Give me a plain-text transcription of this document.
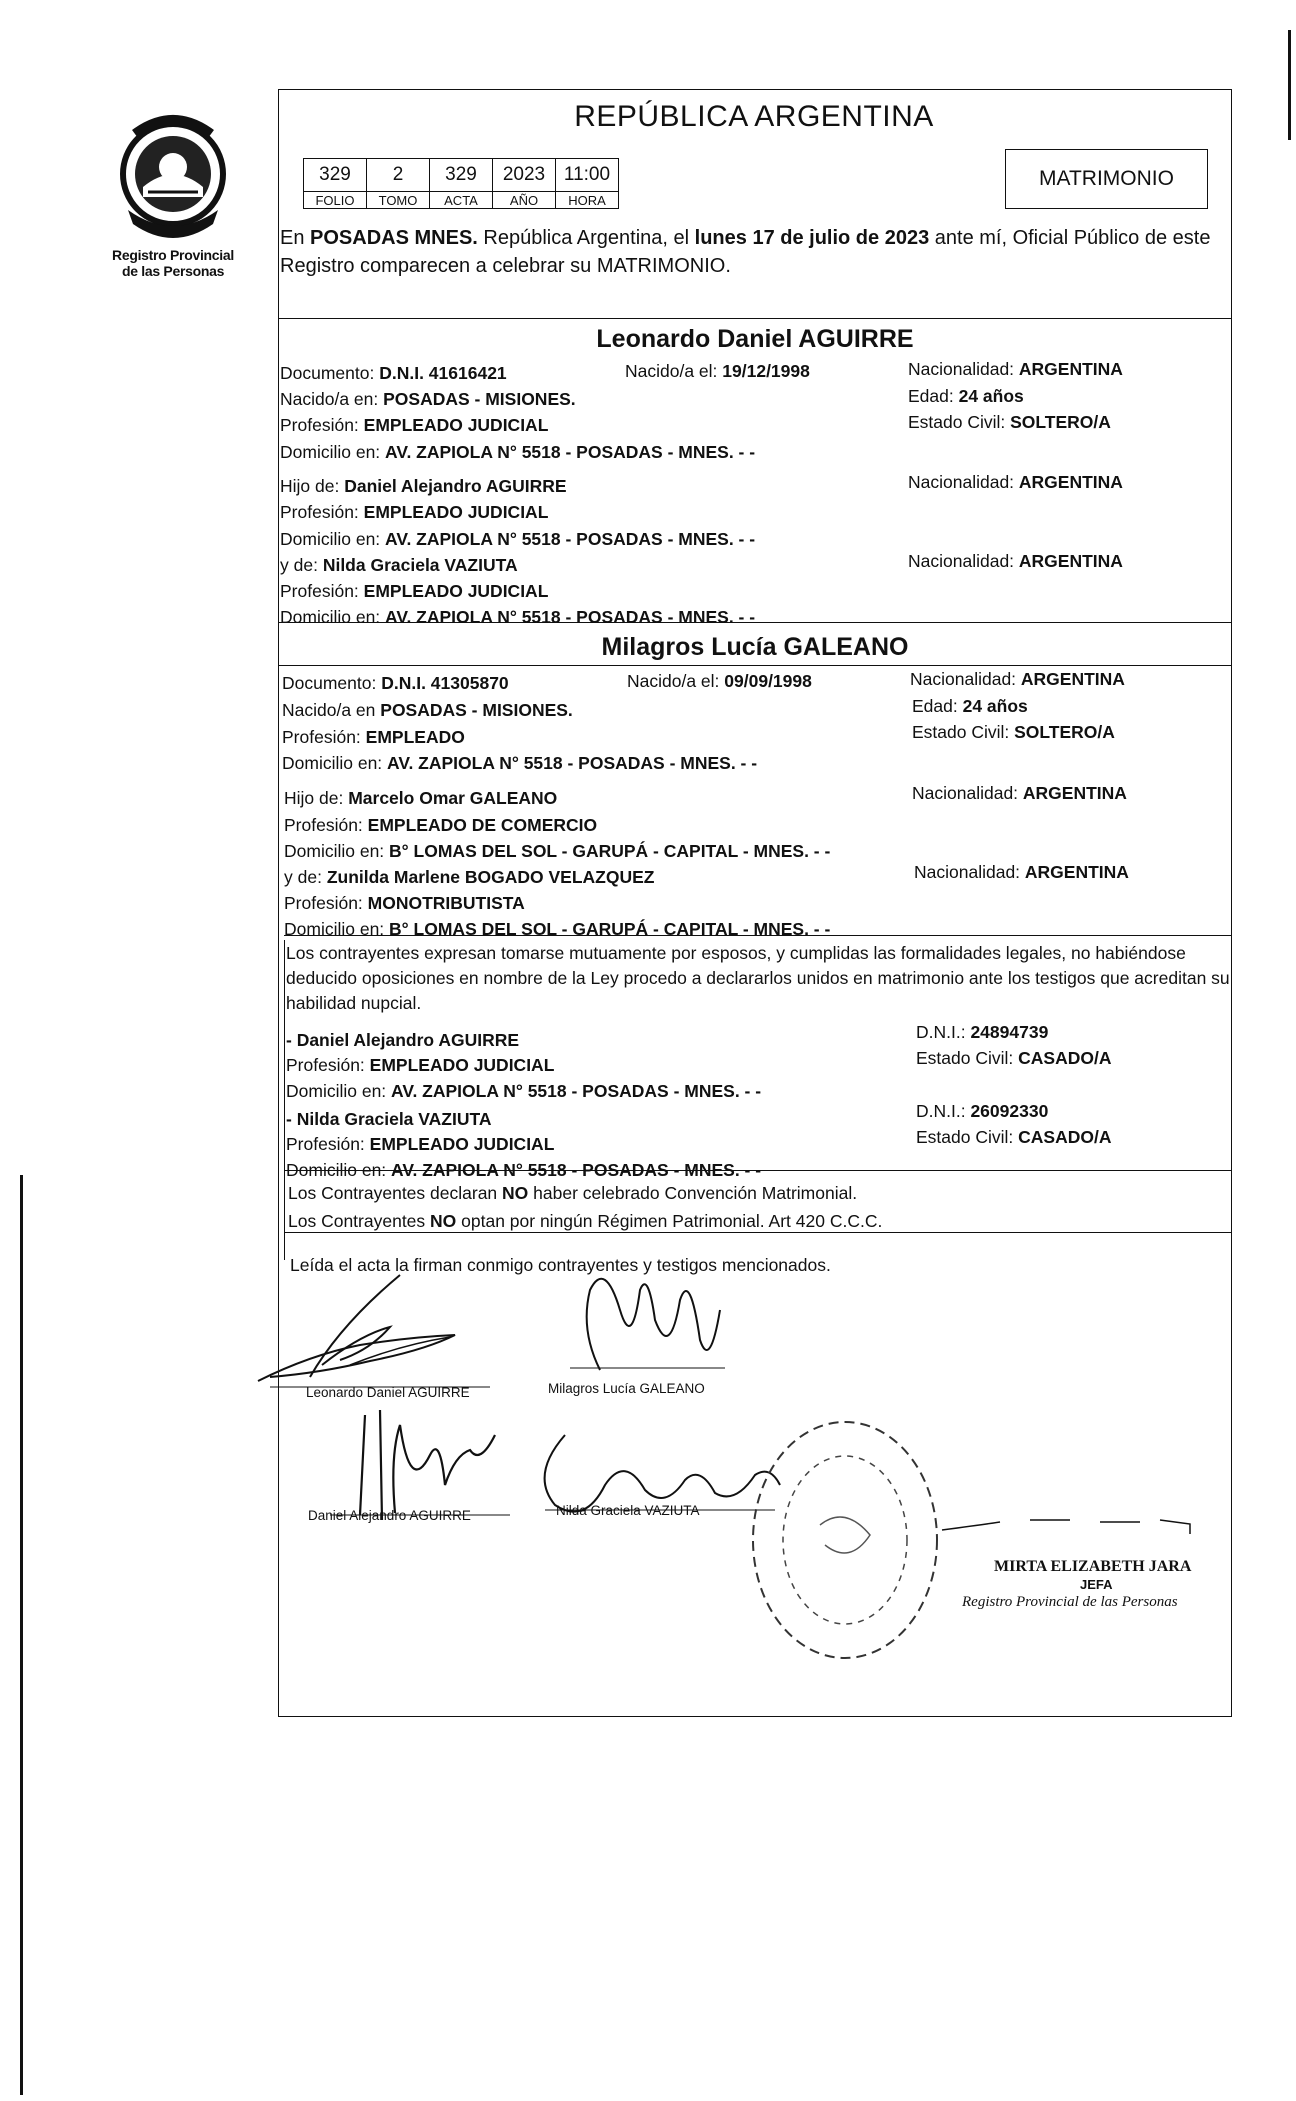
Registro Provincial
de las Personas
REPÚBLICA ARGENTINA
329	2	329	2023	11:00
FOLIO	TOMO	ACTA	AÑO	HORA
MATRIMONIO
En POSADAS MNES. República Argentina, el lunes 17 de julio de 2023 ante mí, Oficial Público de este Registro comparecen a celebrar su MATRIMONIO.
Leonardo Daniel AGUIRRE
Documento: D.N.I. 41616421	Nacido/a el: 19/12/1998	Nacionalidad: ARGENTINA
Nacido/a en: POSADAS - MISIONES.	Edad: 24 años
Profesión: EMPLEADO JUDICIAL	Estado Civil: SOLTERO/A
Domicilio en: AV. ZAPIOLA N° 5518 - POSADAS - MNES. - -
Hijo de: Daniel Alejandro AGUIRRE	Nacionalidad: ARGENTINA
Profesión: EMPLEADO JUDICIAL
Domicilio en: AV. ZAPIOLA N° 5518 - POSADAS - MNES. - -
y de: Nilda Graciela VAZIUTA	Nacionalidad: ARGENTINA
Profesión: EMPLEADO JUDICIAL
Domicilio en: AV. ZAPIOLA N° 5518 - POSADAS - MNES. - -
Milagros Lucía GALEANO
Documento: D.N.I. 41305870	Nacido/a el: 09/09/1998	Nacionalidad: ARGENTINA
Nacido/a en POSADAS - MISIONES.	Edad: 24 años
Profesión: EMPLEADO	Estado Civil: SOLTERO/A
Domicilio en: AV. ZAPIOLA N° 5518 - POSADAS - MNES. - -
Hijo de: Marcelo Omar GALEANO	Nacionalidad: ARGENTINA
Profesión: EMPLEADO DE COMERCIO
Domicilio en: B° LOMAS DEL SOL - GARUPÁ - CAPITAL - MNES. - -
y de: Zunilda Marlene BOGADO VELAZQUEZ	Nacionalidad: ARGENTINA
Profesión: MONOTRIBUTISTA
Domicilio en: B° LOMAS DEL SOL - GARUPÁ - CAPITAL - MNES. - -
Los contrayentes expresan tomarse mutuamente por esposos, y cumplidas las formalidades legales, no habiéndose deducido oposiciones en nombre de la Ley procedo a declararlos unidos en matrimonio ante los testigos que acreditan su habilidad nupcial.
- Daniel Alejandro AGUIRRE	D.N.I.: 24894739
Profesión: EMPLEADO JUDICIAL	Estado Civil: CASADO/A
Domicilio en: AV. ZAPIOLA N° 5518 - POSADAS - MNES. - -
- Nilda Graciela VAZIUTA	D.N.I.: 26092330
Profesión: EMPLEADO JUDICIAL	Estado Civil: CASADO/A
Domicilio en: AV. ZAPIOLA N° 5518 - POSADAS - MNES. - -
Los Contrayentes declaran NO haber celebrado Convención Matrimonial.
Los Contrayentes NO optan por ningún Régimen Patrimonial. Art 420 C.C.C.
Leída el acta la firman conmigo contrayentes y testigos mencionados.
Leonardo Daniel AGUIRRE	Milagros Lucía GALEANO
Daniel Alejandro AGUIRRE	Nilda Graciela VAZIUTA
MIRTA ELIZABETH JARA
JEFA
Registro Provincial de las Personas
